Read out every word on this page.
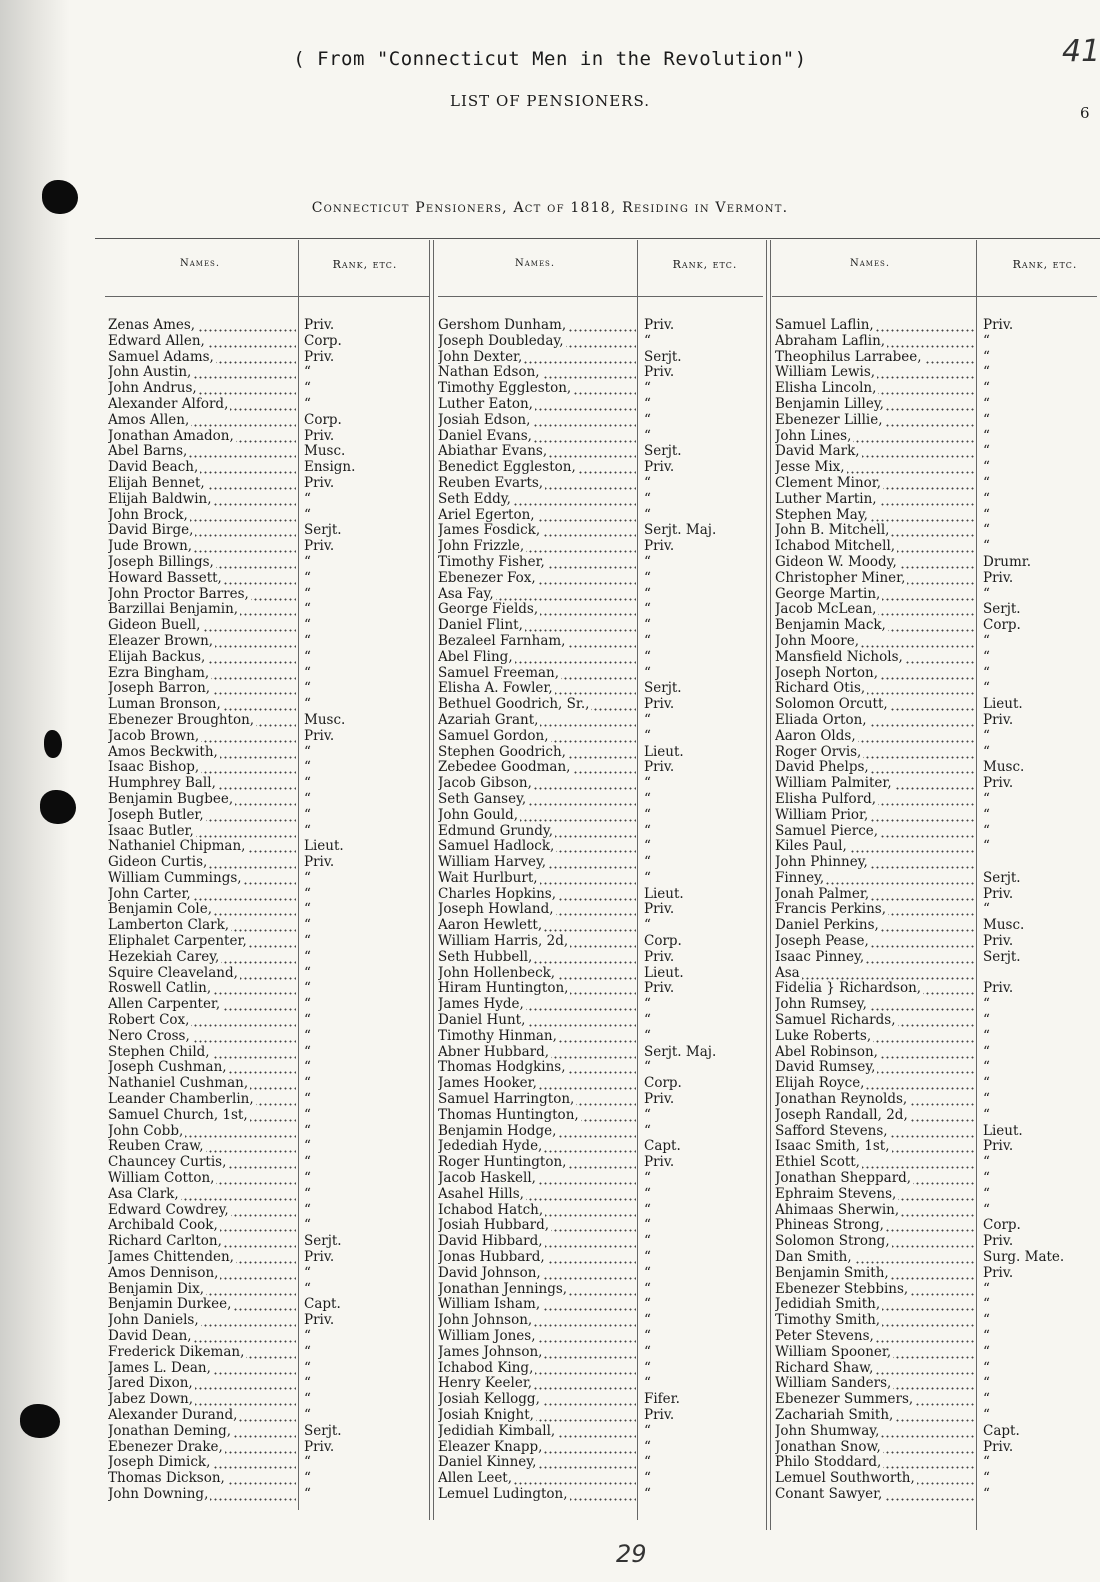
( From "Connecticut Men in the Revolution")
LIST OF PENSIONERS.
41
6
Connecticut Pensioners, Act of 1818, Residing in Vermont.
Names.	Rank, etc.	Names.	Rank, etc.	Names.	Rank, etc.
Zenas Ames,	Priv.
Edward Allen,	Corp.
Samuel Adams,	Priv.
John Austin,	“
John Andrus,	“
Alexander Alford,	“
Amos Allen,	Corp.
Jonathan Amadon,	Priv.
Abel Barns,	Musc.
David Beach,	Ensign.
Elijah Bennet,	Priv.
Elijah Baldwin,	“
John Brock,	“
David Birge,	Serjt.
Jude Brown,	Priv.
Joseph Billings,	“
Howard Bassett,	“
John Proctor Barres,	“
Barzillai Benjamin,	“
Gideon Buell,	“
Eleazer Brown,	“
Elijah Backus,	“
Ezra Bingham,	“
Joseph Barron,	“
Luman Bronson,	“
Ebenezer Broughton,	Musc.
Jacob Brown,	Priv.
Amos Beckwith,	“
Isaac Bishop,	“
Humphrey Ball,	“
Benjamin Bugbee,	“
Joseph Butler,	“
Isaac Butler,	“
Nathaniel Chipman,	Lieut.
Gideon Curtis,	Priv.
William Cummings,	“
John Carter,	“
Benjamin Cole,	“
Lamberton Clark,	“
Eliphalet Carpenter,	“
Hezekiah Carey,	“
Squire Cleaveland,	“
Roswell Catlin,	“
Allen Carpenter,	“
Robert Cox,	“
Nero Cross,	“
Stephen Child,	“
Joseph Cushman,	“
Nathaniel Cushman,	“
Leander Chamberlin,	“
Samuel Church, 1st,	“
John Cobb,	“
Reuben Craw,	“
Chauncey Curtis,	“
William Cotton,	“
Asa Clark,	“
Edward Cowdrey,	“
Archibald Cook,	“
Richard Carlton,	Serjt.
James Chittenden,	Priv.
Amos Dennison,	“
Benjamin Dix,	“
Benjamin Durkee,	Capt.
John Daniels,	Priv.
David Dean,	“
Frederick Dikeman,	“
James L. Dean,	“
Jared Dixon,	“
Jabez Down,	“
Alexander Durand,	“
Jonathan Deming,	Serjt.
Ebenezer Drake,	Priv.
Joseph Dimick,	“
Thomas Dickson,	“
John Downing,	“
Gershom Dunham,	Priv.
Joseph Doubleday,	“
John Dexter,	Serjt.
Nathan Edson,	Priv.
Timothy Eggleston,	“
Luther Eaton,	“
Josiah Edson,	“
Daniel Evans,	“
Abiathar Evans,	Serjt.
Benedict Eggleston,	Priv.
Reuben Evarts,	“
Seth Eddy,	“
Ariel Egerton,	“
James Fosdick,	Serjt. Maj.
John Frizzle,	Priv.
Timothy Fisher,	“
Ebenezer Fox,	“
Asa Fay,	“
George Fields,	“
Daniel Flint,	“
Bezaleel Farnham,	“
Abel Fling,	“
Samuel Freeman,	“
Elisha A. Fowler,	Serjt.
Bethuel Goodrich, Sr.,	Priv.
Azariah Grant,	“
Samuel Gordon,	“
Stephen Goodrich,	Lieut.
Zebedee Goodman,	Priv.
Jacob Gibson,	“
Seth Gansey,	“
John Gould,	“
Edmund Grundy,	“
Samuel Hadlock,	“
William Harvey,	“
Wait Hurlburt,	“
Charles Hopkins,	Lieut.
Joseph Howland,	Priv.
Aaron Hewlett,	“
William Harris, 2d,	Corp.
Seth Hubbell,	Priv.
John Hollenbeck,	Lieut.
Hiram Huntington,	Priv.
James Hyde,	“
Daniel Hunt,	“
Timothy Hinman,	“
Abner Hubbard,	Serjt. Maj.
Thomas Hodgkins,	“
James Hooker,	Corp.
Samuel Harrington,	Priv.
Thomas Huntington,	“
Benjamin Hodge,	“
Jedediah Hyde,	Capt.
Roger Huntington,	Priv.
Jacob Haskell,	“
Asahel Hills,	“
Ichabod Hatch,	“
Josiah Hubbard,	“
David Hibbard,	“
Jonas Hubbard,	“
David Johnson,	“
Jonathan Jennings,	“
William Isham,	“
John Johnson,	“
William Jones,	“
James Johnson,	“
Ichabod King,	“
Henry Keeler,	“
Josiah Kellogg,	Fifer.
Josiah Knight,	Priv.
Jedidiah Kimball,	“
Eleazer Knapp,	“
Daniel Kinney,	“
Allen Leet,	“
Lemuel Ludington,	“
Samuel Laflin,	Priv.
Abraham Laflin,	“
Theophilus Larrabee,	“
William Lewis,	“
Elisha Lincoln,	“
Benjamin Lilley,	“
Ebenezer Lillie,	“
John Lines,	“
David Mark,	“
Jesse Mix,	“
Clement Minor,	“
Luther Martin,	“
Stephen May,	“
John B. Mitchell,	“
Ichabod Mitchell,	“
Gideon W. Moody,	Drumr.
Christopher Miner,	Priv.
George Martin,	“
Jacob McLean,	Serjt.
Benjamin Mack,	Corp.
John Moore,	“
Mansfield Nichols,	“
Joseph Norton,	“
Richard Otis,	“
Solomon Orcutt,	Lieut.
Eliada Orton,	Priv.
Aaron Olds,	“
Roger Orvis,	“
David Phelps,	Musc.
William Palmiter,	Priv.
Elisha Pulford,	“
William Prior,	“
Samuel Pierce,	“
Kiles Paul,	“
John Phinney,
Finney,	Serjt.
Jonah Palmer,	Priv.
Francis Perkins,	“
Daniel Perkins,	Musc.
Joseph Pease,	Priv.
Isaac Pinney,	Serjt.
Asa
Fidelia } Richardson,	Priv.
John Rumsey,	“
Samuel Richards,	“
Luke Roberts,	“
Abel Robinson,	“
David Rumsey,	“
Elijah Royce,	“
Jonathan Reynolds,	“
Joseph Randall, 2d,	“
Safford Stevens,	Lieut.
Isaac Smith, 1st,	Priv.
Ethiel Scott,	“
Jonathan Sheppard,	“
Ephraim Stevens,	“
Ahimaas Sherwin,	“
Phineas Strong,	Corp.
Solomon Strong,	Priv.
Dan Smith,	Surg. Mate.
Benjamin Smith,	Priv.
Ebenezer Stebbins,	“
Jedidiah Smith,	“
Timothy Smith,	“
Peter Stevens,	“
William Spooner,	“
Richard Shaw,	“
William Sanders,	“
Ebenezer Summers,	“
Zachariah Smith,	“
John Shumway,	Capt.
Jonathan Snow,	Priv.
Philo Stoddard,	“
Lemuel Southworth,	“
Conant Sawyer,	“
29
